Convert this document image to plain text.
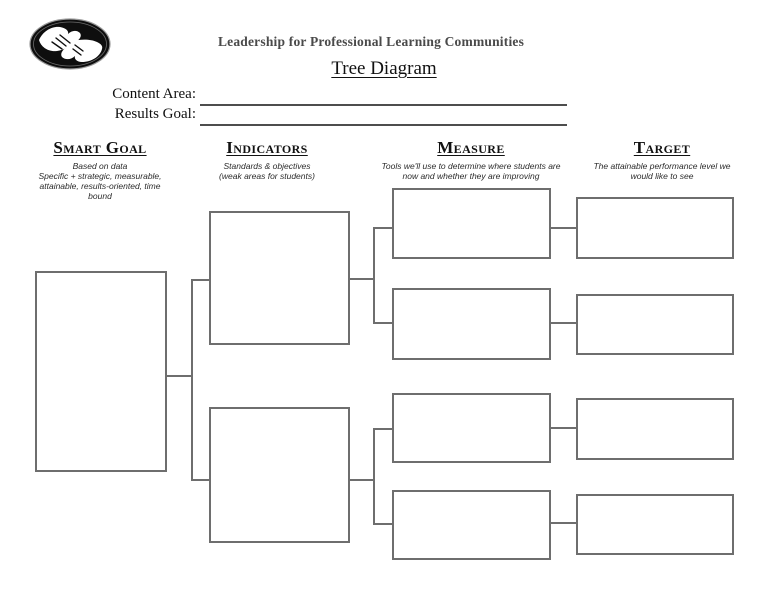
Leadership for Professional Learning Communities
Tree Diagram
Content Area:
Results Goal:
Smart Goal
Based on data
Specific + strategic, measurable,
attainable, results-oriented, time
bound
Indicators
Standards & objectives
(weak areas for students)
Measure
Tools we'll use to determine where students are
now and whether they are improving
Target
The attainable performance level we
would like to see
